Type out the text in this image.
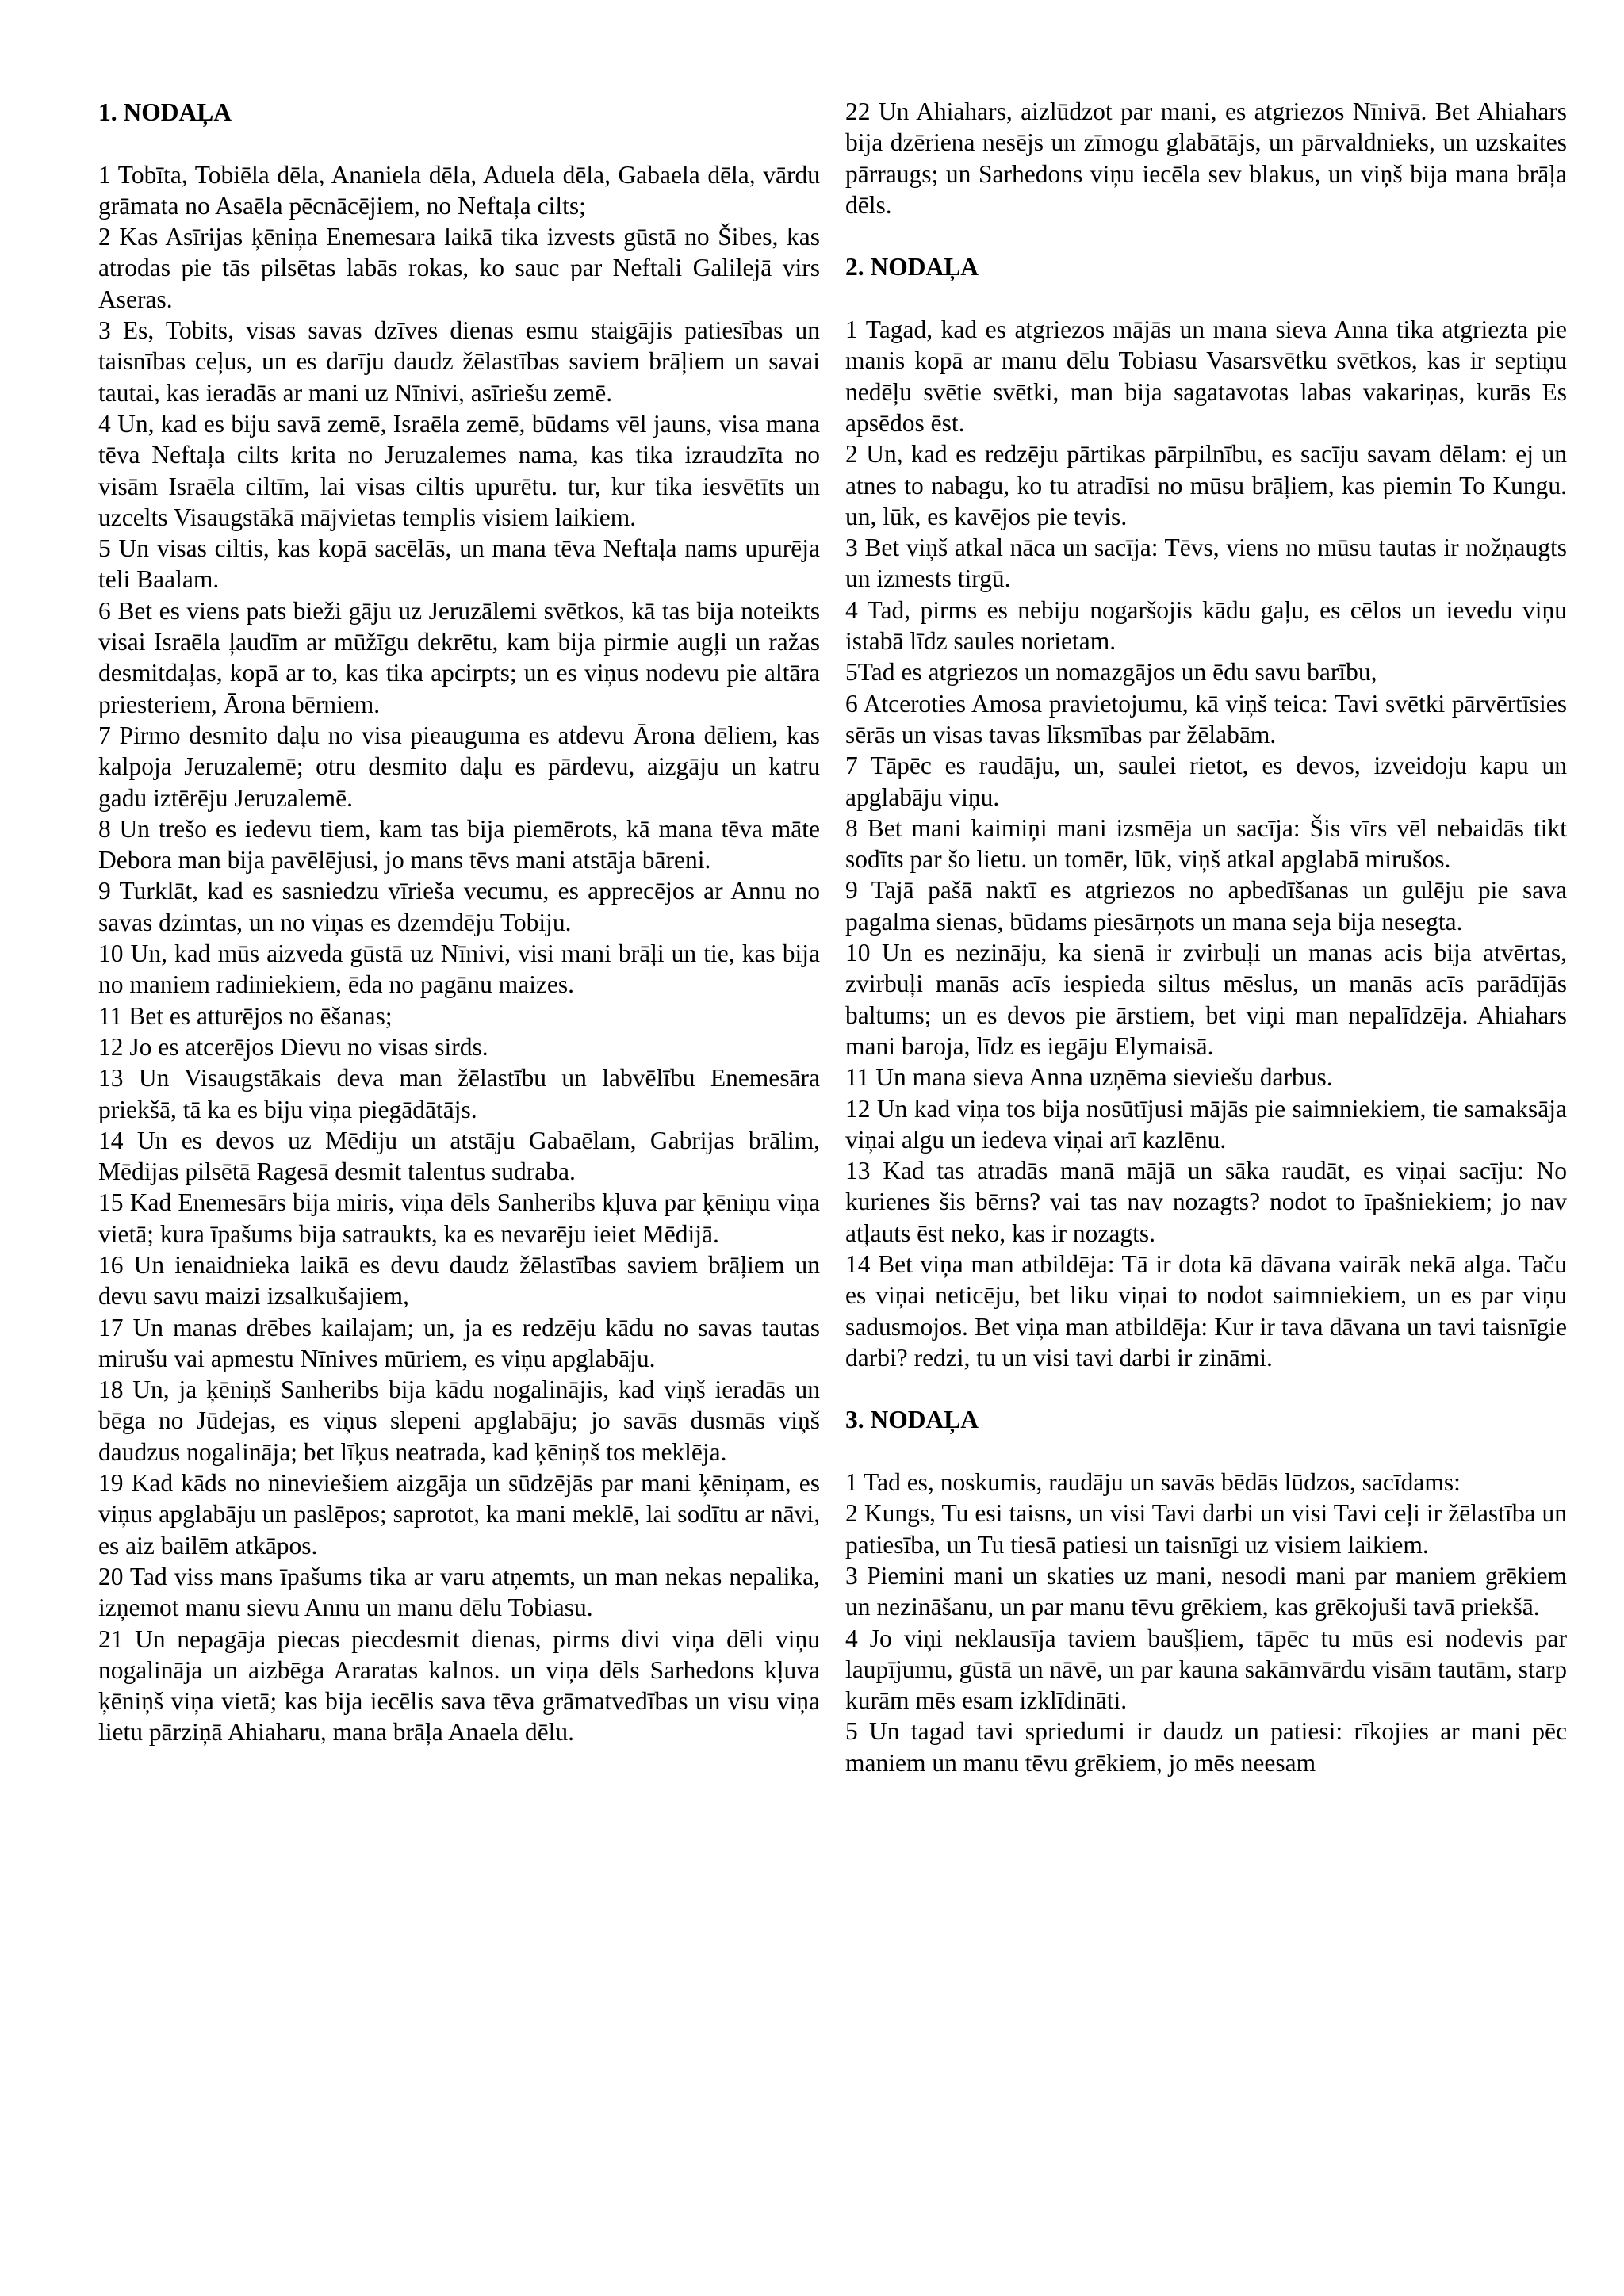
1. NODAĻA

1 Tobīta, Tobiēla dēla, Ananiela dēla, Aduela dēla, Gabaela dēla, vārdu grāmata no Asaēla pēcnācējiem, no Neftaļa cilts;

2 Kas Asīrijas ķēniņa Enemesara laikā tika izvests gūstā no Šibes, kas atrodas pie tās pilsētas labās rokas, ko sauc par Neftali Galilejā virs Aseras.

3 Es, Tobits, visas savas dzīves dienas esmu staigājis patiesības un taisnības ceļus, un es darīju daudz žēlastības saviem brāļiem un savai tautai, kas ieradās ar mani uz Nīnivi, asīriešu zemē.

4 Un, kad es biju savā zemē, Israēla zemē, būdams vēl jauns, visa mana tēva Neftaļa cilts krita no Jeruzalemes nama, kas tika izraudzīta no visām Israēla ciltīm, lai visas ciltis upurētu. tur, kur tika iesvētīts un uzcelts Visaugstākā mājvietas templis visiem laikiem.

5 Un visas ciltis, kas kopā sacēlās, un mana tēva Neftaļa nams upurēja teli Baalam.

6 Bet es viens pats bieži gāju uz Jeruzālemi svētkos, kā tas bija noteikts visai Israēla ļaudīm ar mūžīgu dekrētu, kam bija pirmie augļi un ražas desmitdaļas, kopā ar to, kas tika apcirpts; un es viņus nodevu pie altāra priesteriem, Ārona bērniem.

7 Pirmo desmito daļu no visa pieauguma es atdevu Ārona dēliem, kas kalpoja Jeruzalemē; otru desmito daļu es pārdevu, aizgāju un katru gadu iztērēju Jeruzalemē.

8 Un trešo es iedevu tiem, kam tas bija piemērots, kā mana tēva māte Debora man bija pavēlējusi, jo mans tēvs mani atstāja bāreni.

9 Turklāt, kad es sasniedzu vīrieša vecumu, es apprecējos ar Annu no savas dzimtas, un no viņas es dzemdēju Tobiju.

10 Un, kad mūs aizveda gūstā uz Nīnivi, visi mani brāļi un tie, kas bija no maniem radiniekiem, ēda no pagānu maizes.

11 Bet es atturējos no ēšanas;

12 Jo es atcerējos Dievu no visas sirds.

13 Un Visaugstākais deva man žēlastību un labvēlību Enemesāra priekšā, tā ka es biju viņa piegādātājs.

14 Un es devos uz Mēdiju un atstāju Gabaēlam, Gabrijas brālim, Mēdijas pilsētā Ragesā desmit talentus sudraba.

15 Kad Enemesārs bija miris, viņa dēls Sanheribs kļuva par ķēniņu viņa vietā; kura īpašums bija satraukts, ka es nevarēju ieiet Mēdijā.

16 Un ienaidnieka laikā es devu daudz žēlastības saviem brāļiem un devu savu maizi izsalkušajiem,

17 Un manas drēbes kailajam; un, ja es redzēju kādu no savas tautas mirušu vai apmestu Nīnives mūriem, es viņu apglabāju.

18 Un, ja ķēniņš Sanheribs bija kādu nogalinājis, kad viņš ieradās un bēga no Jūdejas, es viņus slepeni apglabāju; jo savās dusmās viņš daudzus nogalināja; bet līķus neatrada, kad ķēniņš tos meklēja.

19 Kad kāds no nineviešiem aizgāja un sūdzējās par mani ķēniņam, es viņus apglabāju un paslēpos; saprotot, ka mani meklē, lai sodītu ar nāvi, es aiz bailēm atkāpos.

20 Tad viss mans īpašums tika ar varu atņemts, un man nekas nepalika, izņemot manu sievu Annu un manu dēlu Tobiasu.

21 Un nepagāja piecas piecdesmit dienas, pirms divi viņa dēli viņu nogalināja un aizbēga Araratas kalnos. un viņa dēls Sarhedons kļuva ķēniņš viņa vietā; kas bija iecēlis sava tēva grāmatvedības un visu viņa lietu pārziņā Ahiaharu, mana brāļa Anaela dēlu.

22 Un Ahiahars, aizlūdzot par mani, es atgriezos Nīnivā. Bet Ahiahars bija dzēriena nesējs un zīmogu glabātājs, un pārvaldnieks, un uzskaites pārraugs; un Sarhedons viņu iecēla sev blakus, un viņš bija mana brāļa dēls.

2. NODAĻA

1 Tagad, kad es atgriezos mājās un mana sieva Anna tika atgriezta pie manis kopā ar manu dēlu Tobiasu Vasarsvētku svētkos, kas ir septiņu nedēļu svētie svētki, man bija sagatavotas labas vakariņas, kurās Es apsēdos ēst.

2 Un, kad es redzēju pārtikas pārpilnību, es sacīju savam dēlam: ej un atnes to nabagu, ko tu atradīsi no mūsu brāļiem, kas piemin To Kungu. un, lūk, es kavējos pie tevis.

3 Bet viņš atkal nāca un sacīja: Tēvs, viens no mūsu tautas ir nožņaugts un izmests tirgū.

4 Tad, pirms es nebiju nogaršojis kādu gaļu, es cēlos un ievedu viņu istabā līdz saules norietam.

5Tad es atgriezos un nomazgājos un ēdu savu barību,

6 Atceroties Amosa pravietojumu, kā viņš teica: Tavi svētki pārvērtīsies sērās un visas tavas līksmības par žēlabām.

7 Tāpēc es raudāju, un, saulei rietot, es devos, izveidoju kapu un apglabāju viņu.

8 Bet mani kaimiņi mani izsmēja un sacīja: Šis vīrs vēl nebaidās tikt sodīts par šo lietu. un tomēr, lūk, viņš atkal apglabā mirušos.

9 Tajā pašā naktī es atgriezos no apbedīšanas un gulēju pie sava pagalma sienas, būdams piesārņots un mana seja bija nesegta.

10 Un es nezināju, ka sienā ir zvirbuļi un manas acis bija atvērtas, zvirbuļi manās acīs iespieda siltus mēslus, un manās acīs parādījās baltums; un es devos pie ārstiem, bet viņi man nepalīdzēja. Ahiahars mani baroja, līdz es iegāju Elymaisā.

11 Un mana sieva Anna uzņēma sieviešu darbus.

12 Un kad viņa tos bija nosūtījusi mājās pie saimniekiem, tie samaksāja viņai algu un iedeva viņai arī kazlēnu.

13 Kad tas atradās manā mājā un sāka raudāt, es viņai sacīju: No kurienes šis bērns? vai tas nav nozagts? nodot to īpašniekiem; jo nav atļauts ēst neko, kas ir nozagts.

14 Bet viņa man atbildēja: Tā ir dota kā dāvana vairāk nekā alga. Taču es viņai neticēju, bet liku viņai to nodot saimniekiem, un es par viņu sadusmojos. Bet viņa man atbildēja: Kur ir tava dāvana un tavi taisnīgie darbi? redzi, tu un visi tavi darbi ir zināmi.

3. NODAĻA

1 Tad es, noskumis, raudāju un savās bēdās lūdzos, sacīdams:

2 Kungs, Tu esi taisns, un visi Tavi darbi un visi Tavi ceļi ir žēlastība un patiesība, un Tu tiesā patiesi un taisnīgi uz visiem laikiem.

3 Piemini mani un skaties uz mani, nesodi mani par maniem grēkiem un nezināšanu, un par manu tēvu grēkiem, kas grēkojuši tavā priekšā.

4 Jo viņi neklausīja taviem baušļiem, tāpēc tu mūs esi nodevis par laupījumu, gūstā un nāvē, un par kauna sakāmvārdu visām tautām, starp kurām mēs esam izklīdināti.

5 Un tagad tavi spriedumi ir daudz un patiesi: rīkojies ar mani pēc maniem un manu tēvu grēkiem, jo mēs neesam
